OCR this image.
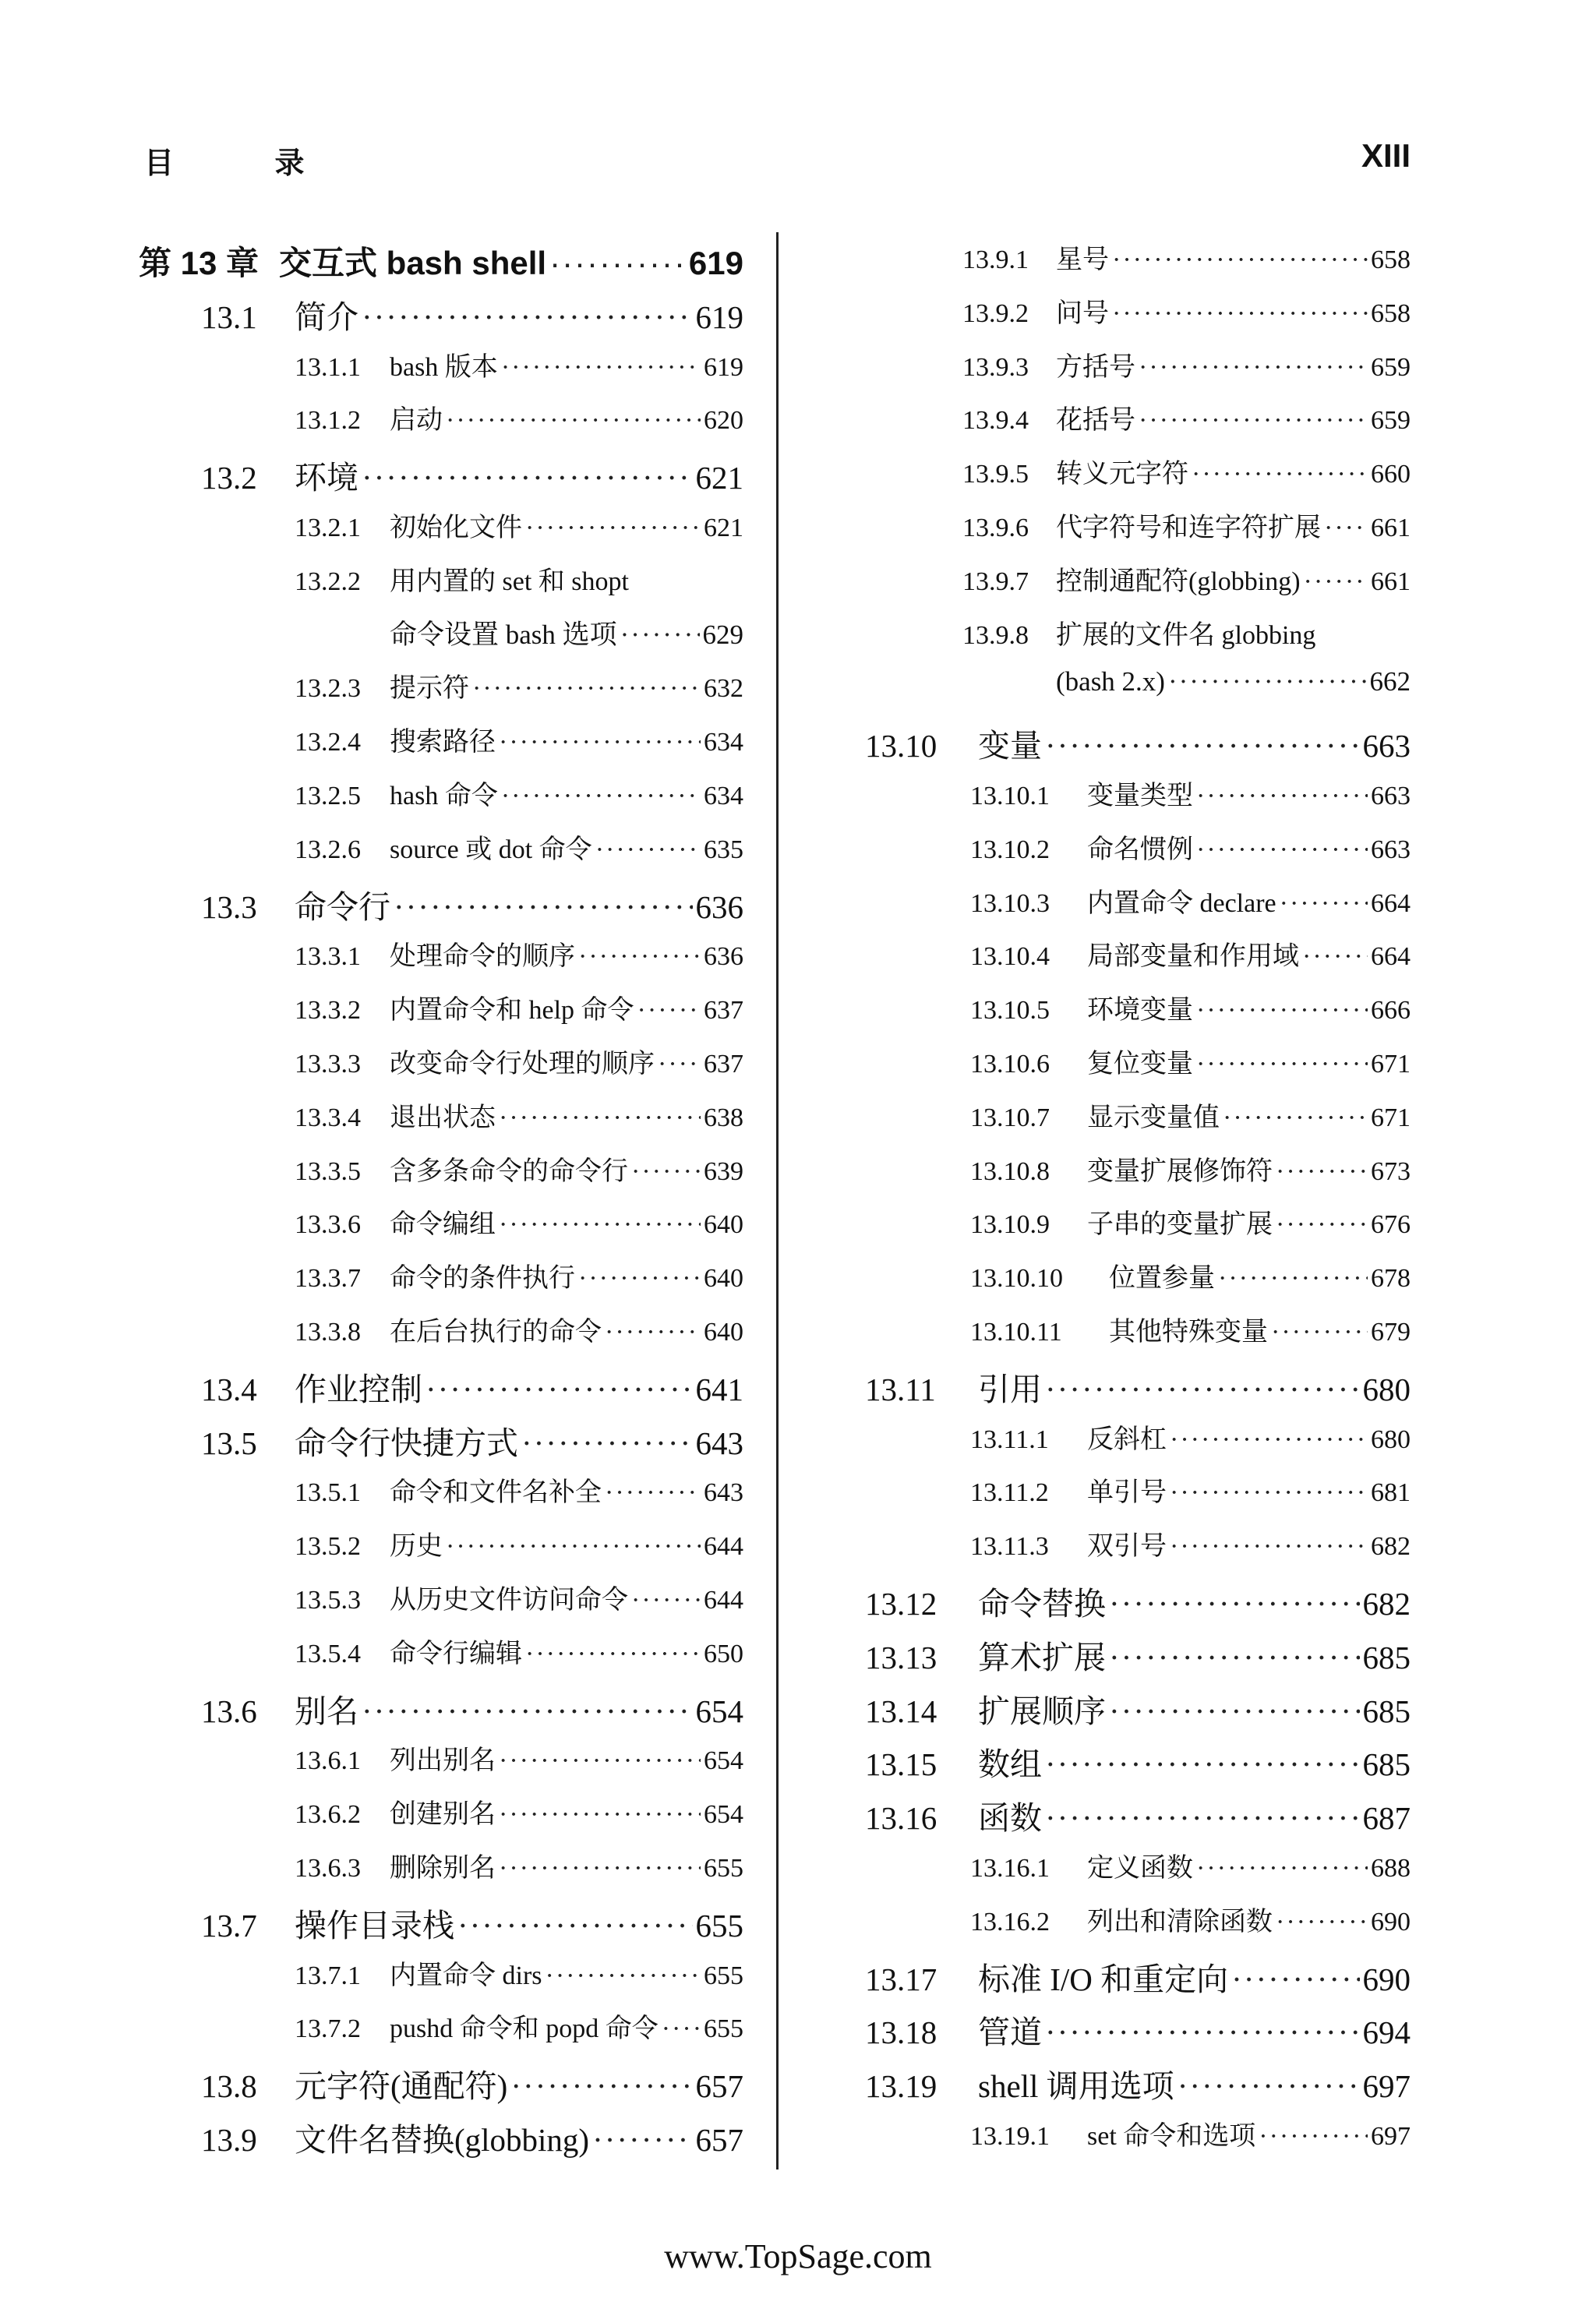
目 录	XIII
第 13 章 交互式 bash shell ·····	619
13.1	简介 ·····	619
13.1.1	bash 版本 ·····	619
13.1.2	启动 ·····	620
13.2	环境 ·····	621
13.2.1	初始化文件 ·····	621
13.2.2	用内置的 set 和 shopt
命令设置 bash 选项 ·····	629
13.2.3	提示符 ·····	632
13.2.4	搜索路径 ·····	634
13.2.5	hash 命令 ·····	634
13.2.6	source 或 dot 命令 ·····	635
13.3	命令行 ·····	636
13.3.1	处理命令的顺序 ·····	636
13.3.2	内置命令和 help 命令 ·····	637
13.3.3	改变命令行处理的顺序 ····· 637
13.3.4	退出状态 ·····	638
13.3.5	含多条命令的命令行 ·····	639
13.3.6	命令编组 ·····	640
13.3.7	命令的条件执行 ·····	640
13.3.8	在后台执行的命令 ·····	640
13.4	作业控制 ·····	641
13.5	命令行快捷方式 ·····	643
13.5.1	命令和文件名补全 ·····	643
13.5.2	历史 ·····	644
13.5.3	从历史文件访问命令 ·····	644
13.5.4	命令行编辑 ·····	650
13.6	别名 ·····	654
13.6.1	列出别名 ·····	654
13.6.2	创建别名 ·····	654
13.6.3	删除别名 ·····	655
13.7	操作目录栈 ·····	655
13.7.1	内置命令 dirs ·····	655
13.7.2	pushd 命令和 popd 命令 ····· 655
13.8	元字符(通配符) ·····	657
13.9	文件名替换(globbing) ·····	657
13.9.1	星号 ·····	658
13.9.2	问号 ·····	658
13.9.3	方括号 ·····	659
13.9.4	花括号 ·····	659
13.9.5	转义元字符 ·····	660
13.9.6	代字符号和连字符扩展 ····· 661
13.9.7	控制通配符(globbing) ·····	661
13.9.8	扩展的文件名 globbing
(bash 2.x) ·····	662
13.10	变量 ·····	663
13.10.1	变量类型 ·····	663
13.10.2	命名惯例 ·····	663
13.10.3	内置命令 declare ·····	664
13.10.4	局部变量和作用域 ·····	664
13.10.5	环境变量 ·····	666
13.10.6	复位变量 ·····	671
13.10.7	显示变量值 ·····	671
13.10.8	变量扩展修饰符 ·····	673
13.10.9	子串的变量扩展 ·····	676
13.10.10	位置参量 ·····	678
13.10.11	其他特殊变量 ·····	679
13.11	引用 ·····	680
13.11.1	反斜杠 ·····	680
13.11.2	单引号 ·····	681
13.11.3	双引号 ·····	682
13.12	命令替换 ·····	682
13.13	算术扩展 ·····	685
13.14	扩展顺序 ·····	685
13.15	数组 ·····	685
13.16	函数 ·····	687
13.16.1	定义函数 ·····	688
13.16.2	列出和清除函数 ·····	690
13.17	标准 I/O 和重定向 ·····	690
13.18	管道 ·····	694
13.19	shell 调用选项 ·····	697
13.19.1	set 命令和选项 ·····	697
www.TopSage.com
